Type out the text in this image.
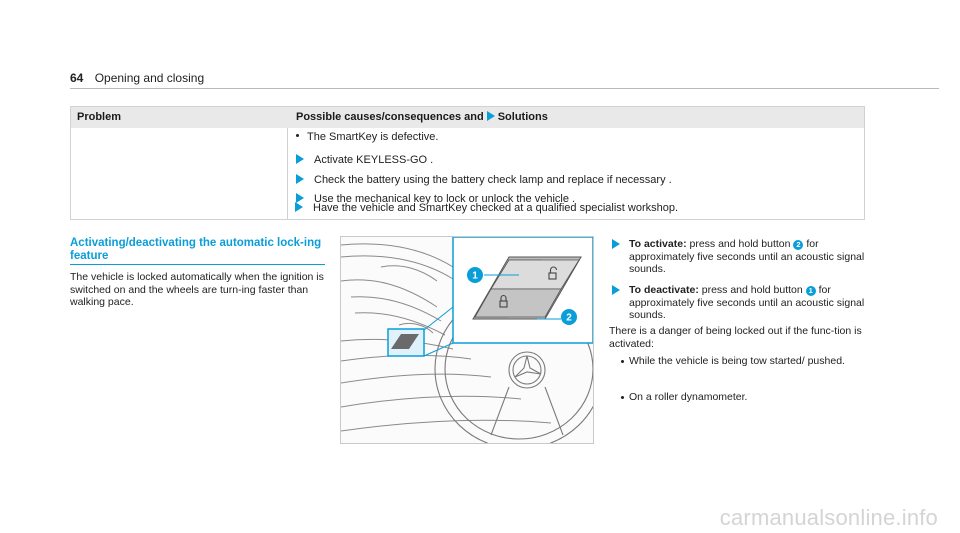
64 Opening and closing
Problem	Possible causes/consequences and Solutions
The SmartKey is defective.
Activate KEYLESS-GO .
Check the battery using the battery check lamp and replace if necessary .
Use the mechanical key to lock or unlock the vehicle .
Have the vehicle and SmartKey checked at a qualified specialist workshop.
Activating/deactivating the automatic lock-ing feature
The vehicle is locked automatically when the ignition is switched on and the wheels are turn-ing faster than walking pace.
1
2
To activate: press and hold button 2 for approximately five seconds until an acoustic signal sounds.
To deactivate: press and hold button 1 for approximately five seconds until an acoustic signal sounds.
There is a danger of being locked out if the func-tion is activated:
While the vehicle is being tow started/ pushed.
On a roller dynamometer.
carmanualsonline.info
